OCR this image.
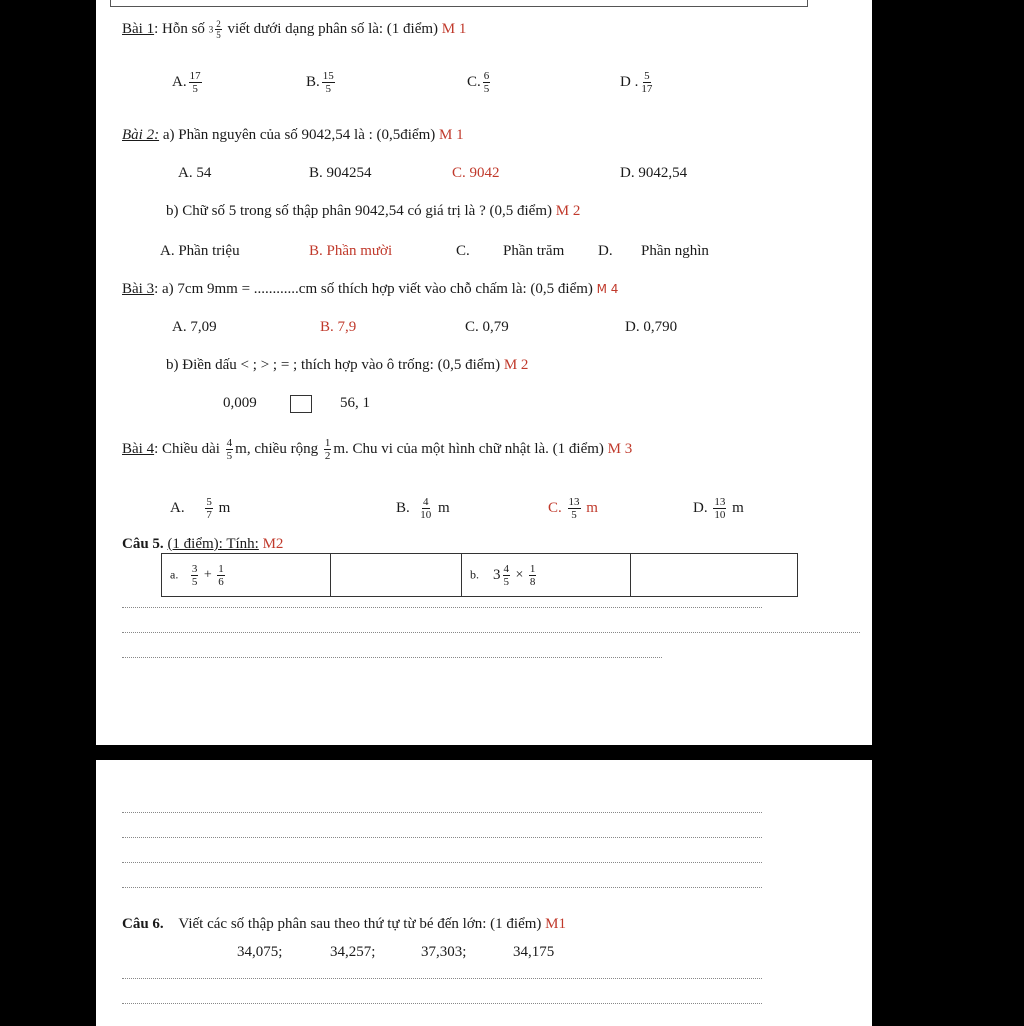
Bài 1: Hỗn số $3 \frac{2}{5}$ viết dưới dạng phân số là: (1 điểm) M 1
A. $\frac{17}{5}$	B. $\frac{15}{5}$	C. $\frac{6}{5}$	D . $\frac{5}{17}$
Bài 2: a) Phần nguyên của số 9042,54 là : (0,5điểm) M 1
A. 54	B. 904254	C. 9042	D. 9042,54
b) Chữ số 5 trong số thập phân 9042,54 có giá trị là ? (0,5 điểm) M 2
A. Phần triệu	B. Phần mười	C. Phần trăm D. Phần nghìn
Bài 3: a) 7cm 9mm = ............cm số thích hợp viết vào chỗ chấm là: (0,5 điểm) M 4
A. 7,09	B. 7,9	C. 0,79	D. 0,790
b) Điền dấu < ; > ; = ; thích hợp vào ô trống: (0,5 điểm) M 2
0,009	56, 1
Bài 4: Chiều dài $\frac{4}{5} m$, chiều rộng $\frac{1}{2} m$. Chu vi của một hình chữ nhật là. (1 điểm) M 3
A. $\frac{5}{7}$ m	B. $\frac{4}{10}$ m	C. $\frac{13}{5}$ m	D. $\frac{13}{10}$ m
Câu 5. (1 điểm): Tính: M2
a. $\frac{3}{5} + \frac{1}{6}$		b. $3 \frac{4}{5} \times \frac{1}{8}$

Câu 6. Viết các số thập phân sau theo thứ tự từ bé đến lớn: (1 điểm) M1
34,075;	34,257;	37,303;	34,175
